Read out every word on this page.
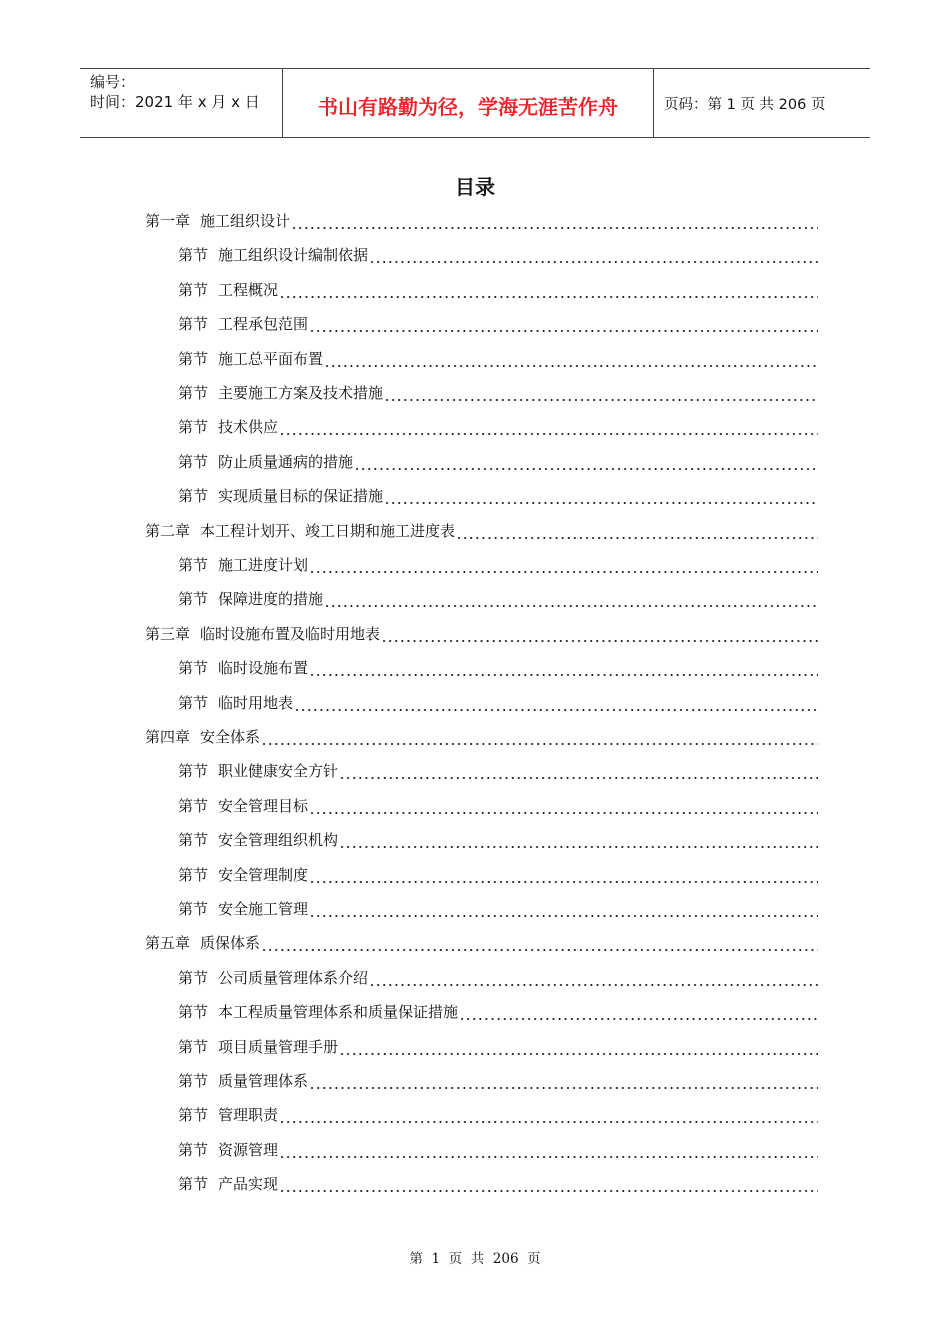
编号：
时间：2021 年 x 月 x 日	书山有路勤为径，学海无涯苦作舟	页码：第 1 页 共 206 页
目录
第一章 施工组织设计
第节 施工组织设计编制依据
第节 工程概况
第节 工程承包范围
第节 施工总平面布置
第节 主要施工方案及技术措施
第节 技术供应
第节 防止质量通病的措施
第节 实现质量目标的保证措施
第二章 本工程计划开、竣工日期和施工进度表
第节 施工进度计划
第节 保障进度的措施
第三章 临时设施布置及临时用地表
第节 临时设施布置
第节 临时用地表
第四章 安全体系
第节 职业健康安全方针
第节 安全管理目标
第节 安全管理组织机构
第节 安全管理制度
第节 安全施工管理
第五章 质保体系
第节 公司质量管理体系介绍
第节 本工程质量管理体系和质量保证措施
第节 项目质量管理手册
第节 质量管理体系
第节 管理职责
第节 资源管理
第节 产品实现
第  1  页  共  206  页
